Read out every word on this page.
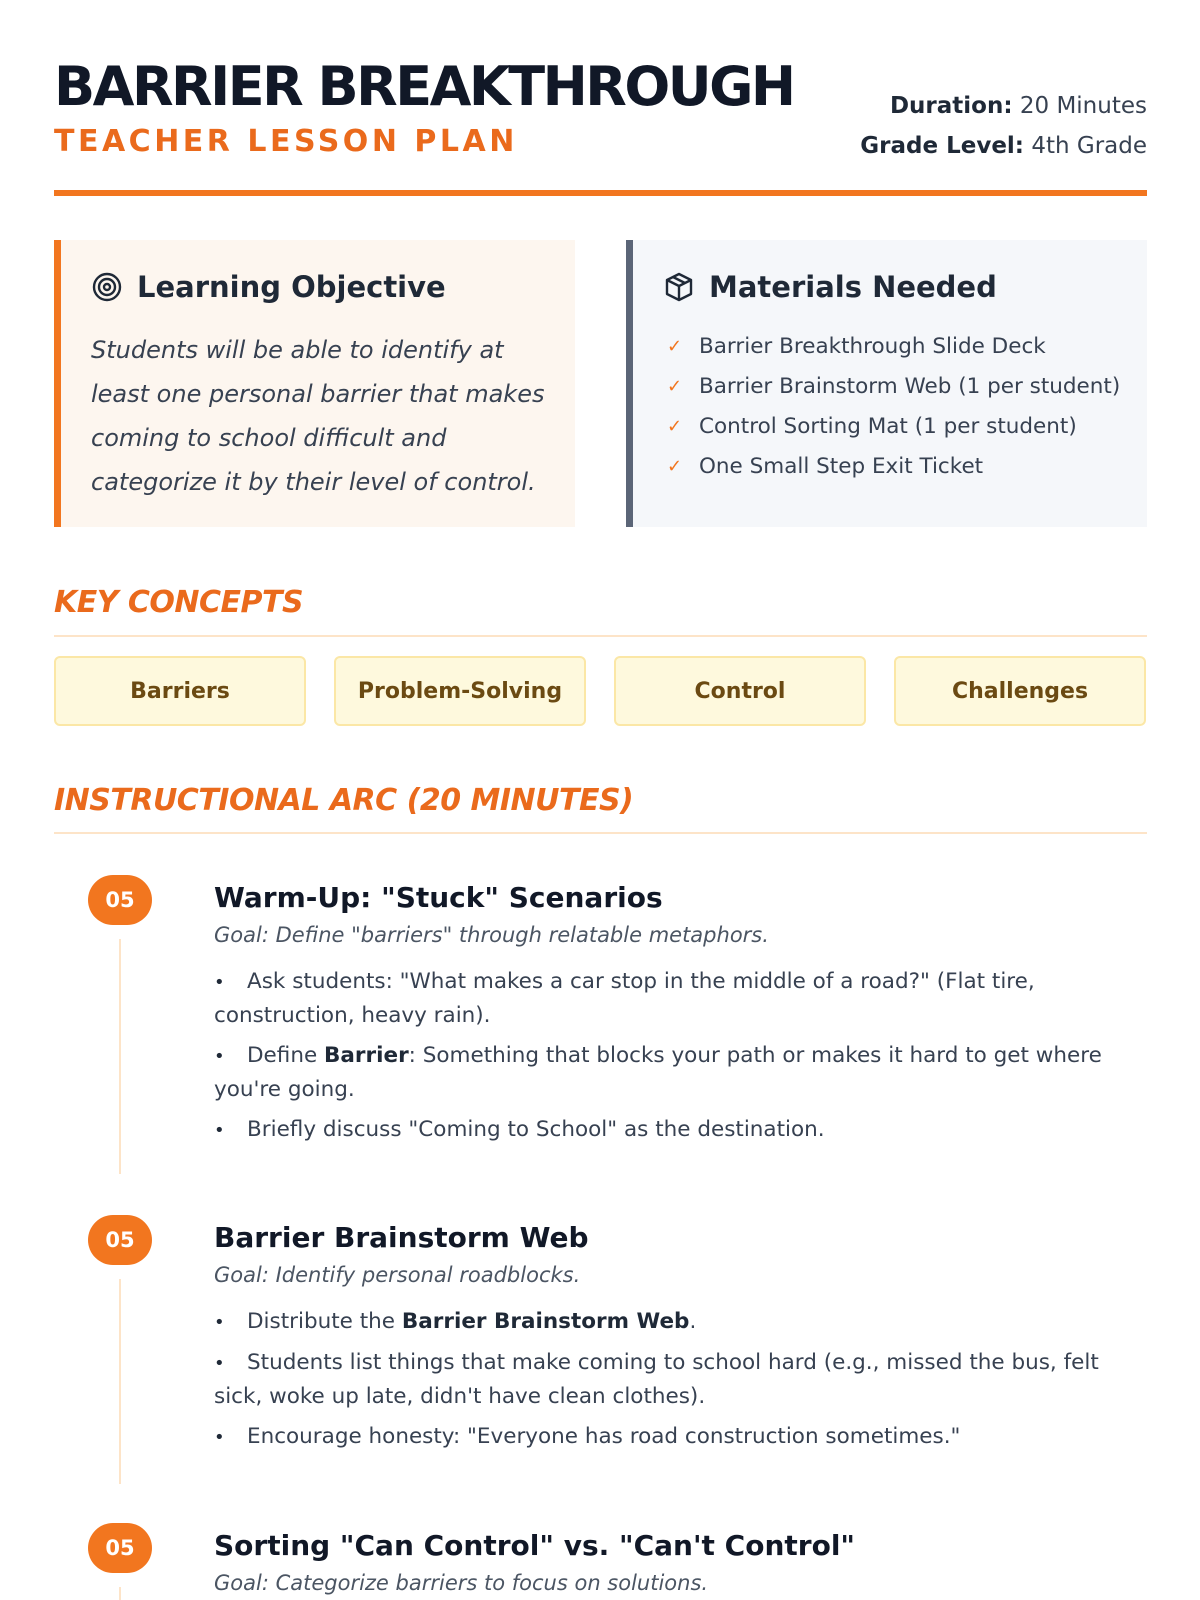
BARRIER BREAKTHROUGH
TEACHER LESSON PLAN
Duration: 20 Minutes
Grade Level: 4th Grade
Learning Objective
Students will be able to identify at least one personal barrier that makes coming to school difficult and categorize it by their level of control.
Materials Needed
✓ Barrier Breakthrough Slide Deck
✓ Barrier Brainstorm Web (1 per student)
✓ Control Sorting Mat (1 per student)
✓ One Small Step Exit Ticket
KEY CONCEPTS
Barriers	Problem-Solving	Control	Challenges
INSTRUCTIONAL ARC (20 MINUTES)
05	Warm-Up: "Stuck" Scenarios
Goal: Define "barriers" through relatable metaphors.
• Ask students: "What makes a car stop in the middle of a road?" (Flat tire, construction, heavy rain).
• Define Barrier: Something that blocks your path or makes it hard to get where you're going.
• Briefly discuss "Coming to School" as the destination.
05	Barrier Brainstorm Web
Goal: Identify personal roadblocks.
• Distribute the Barrier Brainstorm Web.
• Students list things that make coming to school hard (e.g., missed the bus, felt sick, woke up late, didn't have clean clothes).
• Encourage honesty: "Everyone has road construction sometimes."
05	Sorting "Can Control" vs. "Can't Control"
Goal: Categorize barriers to focus on solutions.
